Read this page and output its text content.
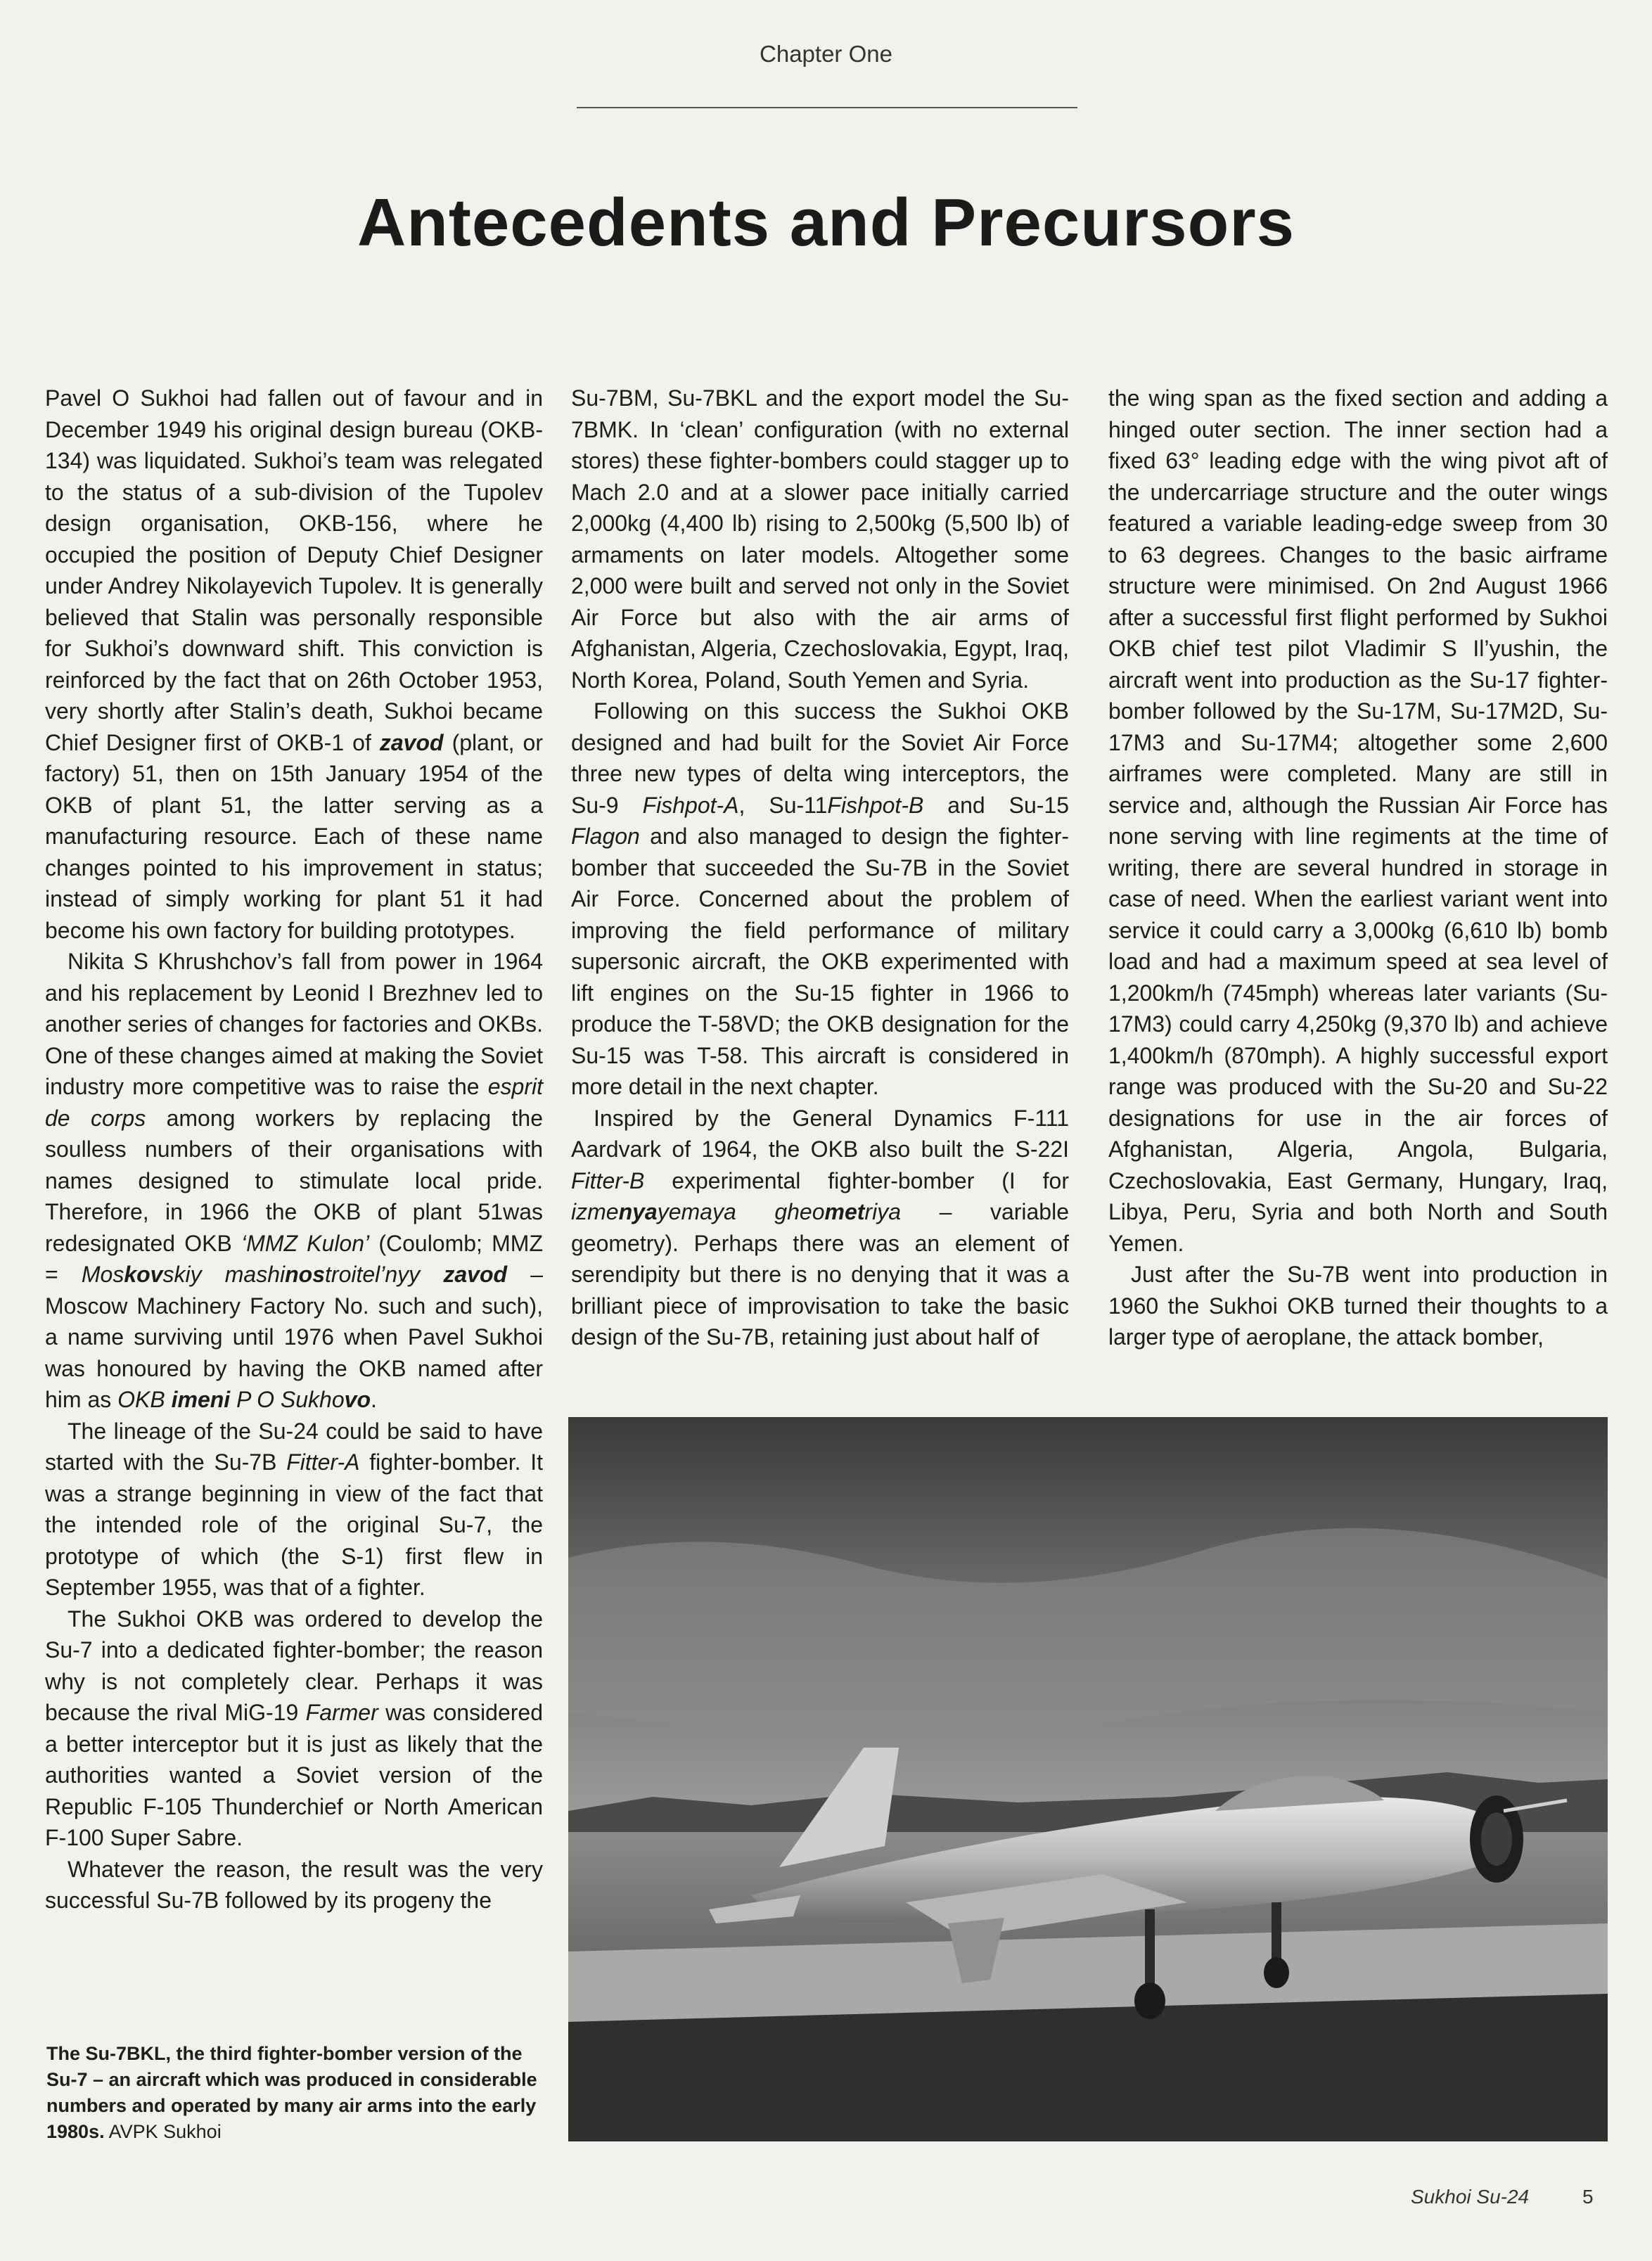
Chapter One
Antecedents and Precursors

Pavel O Sukhoi had fallen out of favour and in December 1949 his original design bureau (OKB-134) was liquidated. Sukhoi’s team was relegated to the status of a sub-division of the Tupolev design organisation, OKB-156, where he occupied the position of Deputy Chief Designer under Andrey Nikolayevich Tupolev. It is generally believed that Stalin was personally responsible for Sukhoi’s downward shift. This conviction is reinforced by the fact that on 26th October 1953, very shortly after Stalin’s death, Sukhoi became Chief Designer first of OKB-1 of zavod (plant, or factory) 51, then on 15th January 1954 of the OKB of plant 51, the latter serving as a manufacturing resource. Each of these name changes pointed to his improvement in status; instead of simply working for plant 51 it had become his own factory for building prototypes.

Nikita S Khrushchov’s fall from power in 1964 and his replacement by Leonid I Brezhnev led to another series of changes for factories and OKBs. One of these changes aimed at making the Soviet industry more competitive was to raise the esprit de corps among workers by replacing the soulless numbers of their organisations with names designed to stimulate local pride. Therefore, in 1966 the OKB of plant 51was redesignated OKB ‘MMZ Kulon’ (Coulomb; MMZ = Moskovskiy mashinostroitel’nyy zavod – Moscow Machinery Factory No. such and such), a name surviving until 1976 when Pavel Sukhoi was honoured by having the OKB named after him as OKB imeni P O Sukhovo.

The lineage of the Su-24 could be said to have started with the Su-7B Fitter-A fighter-bomber. It was a strange beginning in view of the fact that the intended role of the original Su-7, the prototype of which (the S-1) first flew in September 1955, was that of a fighter.

The Sukhoi OKB was ordered to develop the Su-7 into a dedicated fighter-bomber; the reason why is not completely clear. Perhaps it was because the rival MiG-19 Farmer was considered a better interceptor but it is just as likely that the authorities wanted a Soviet version of the Republic F-105 Thunderchief or North American F-100 Super Sabre.

Whatever the reason, the result was the very successful Su-7B followed by its progeny the

Su-7BM, Su-7BKL and the export model the Su-7BMK. In ‘clean’ configuration (with no external stores) these fighter-bombers could stagger up to Mach 2.0 and at a slower pace initially carried 2,000kg (4,400 lb) rising to 2,500kg (5,500 lb) of armaments on later models. Altogether some 2,000 were built and served not only in the Soviet Air Force but also with the air arms of Afghanistan, Algeria, Czechoslovakia, Egypt, Iraq, North Korea, Poland, South Yemen and Syria.

Following on this success the Sukhoi OKB designed and had built for the Soviet Air Force three new types of delta wing interceptors, the Su-9 Fishpot-A, Su-11Fishpot-B and Su-15 Flagon and also managed to design the fighter-bomber that succeeded the Su-7B in the Soviet Air Force. Concerned about the problem of improving the field performance of military supersonic aircraft, the OKB experimented with lift engines on the Su-15 fighter in 1966 to produce the T-58VD; the OKB designation for the Su-15 was T-58. This aircraft is considered in more detail in the next chapter.

Inspired by the General Dynamics F-111 Aardvark of 1964, the OKB also built the S-22I Fitter-B experimental fighter-bomber (I for izmenyayemaya gheometriya – variable geometry). Perhaps there was an element of serendipity but there is no denying that it was a brilliant piece of improvisation to take the basic design of the Su-7B, retaining just about half of

the wing span as the fixed section and adding a hinged outer section. The inner section had a fixed 63° leading edge with the wing pivot aft of the undercarriage structure and the outer wings featured a variable leading-edge sweep from 30 to 63 degrees. Changes to the basic airframe structure were minimised. On 2nd August 1966 after a successful first flight performed by Sukhoi OKB chief test pilot Vladimir S Il’yushin, the aircraft went into production as the Su-17 fighter-bomber followed by the Su-17M, Su-17M2D, Su-17M3 and Su-17M4; altogether some 2,600 airframes were completed. Many are still in service and, although the Russian Air Force has none serving with line regiments at the time of writing, there are several hundred in storage in case of need. When the earliest variant went into service it could carry a 3,000kg (6,610 lb) bomb load and had a maximum speed at sea level of 1,200km/h (745mph) whereas later variants (Su-17M3) could carry 4,250kg (9,370 lb) and achieve 1,400km/h (870mph). A highly successful export range was produced with the Su-20 and Su-22 designations for use in the air forces of Afghanistan, Algeria, Angola, Bulgaria, Czechoslovakia, East Germany, Hungary, Iraq, Libya, Peru, Syria and both North and South Yemen.

Just after the Su-7B went into production in 1960 the Sukhoi OKB turned their thoughts to a larger type of aeroplane, the attack bomber,

The Su-7BKL, the third fighter-bomber version of the Su-7 – an aircraft which was produced in considerable numbers and operated by many air arms into the early 1980s. AVPK Sukhoi
Sukhoi Su-24	5
